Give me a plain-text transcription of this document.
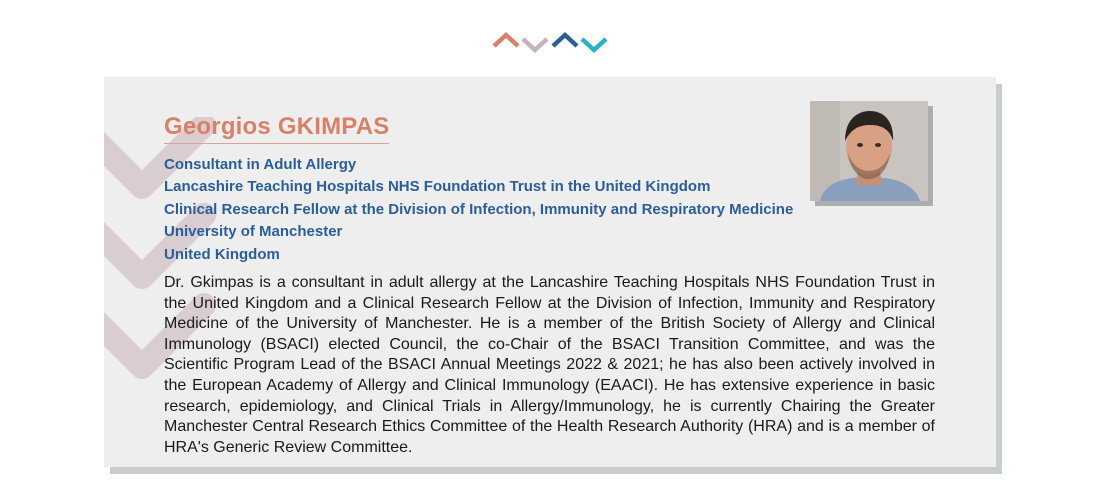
Georgios GKIMPAS
Consultant in Adult Allergy
Lancashire Teaching Hospitals NHS Foundation Trust in the United Kingdom
Clinical Research Fellow at the Division of Infection, Immunity and Respiratory Medicine
University of Manchester
United Kingdom

Dr. Gkimpas is a consultant in adult allergy at the Lancashire Teaching Hospitals NHS Foundation Trust in the United Kingdom and a Clinical Research Fellow at the Division of Infection, Immunity and Respiratory Medicine of the University of Manchester. He is a member of the British Society of Allergy and Clinical Immunology (BSACI) elected Council, the co-Chair of the BSACI Transition Committee, and was the Scientific Program Lead of the BSACI Annual Meetings 2022 & 2021; he has also been actively involved in the European Academy of Allergy and Clinical Immunology (EAACI). He has extensive experience in basic research, epidemiology, and Clinical Trials in Allergy/Immunology, he is currently Chairing the Greater Manchester Central Research Ethics Committee of the Health Research Authority (HRA) and is a member of HRA's Generic Review Committee.
